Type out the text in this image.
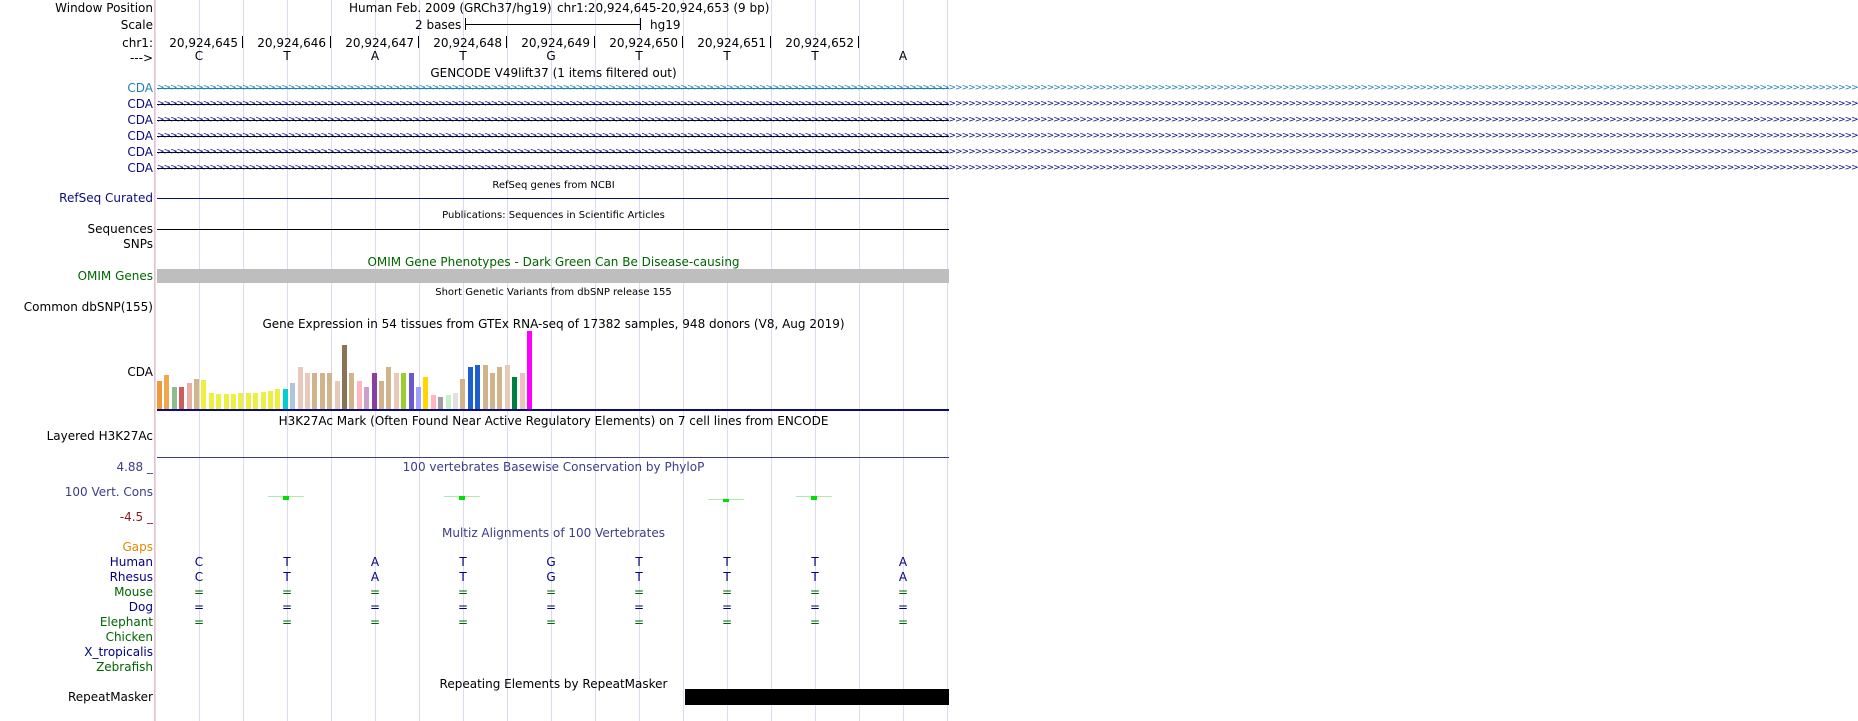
Window Position	Human Feb. 2009 (GRCh37/hg19) chr1:20,924,645-20,924,653 (9 bp)
Scale	2 bases	hg19
chr1:	20,924,645	20,924,646	20,924,647	20,924,648	20,924,649	20,924,650	20,924,651	20,924,652
--->	C	T	A	T	G	T	T	T	A
GENCODE V49lift37 (1 items filtered out)
CDA >>>>>>>>>>>>>>>>>>>>>>>>>>>>>>>>>>>>>>>>>>>>>>>>>>>>>>>>>>>>>>>>>>>>>>>>>>>>>>>>>>>>>>>>>>>>>>>>>>>>>>>>>>>>>>>>>>>>>>>>>>>>>>>>>>>>>>>>>>>>>>>>>>>>>>>>>>>>>>>>>>>>>>>>>>>>>>>>>>>>>>>>>>>>>>>>>>>>>>>>>>>>>>>>>>>>>>>>>>>>>>>>>>>>>>>>>>>>>>>>>>>>>>>>>>>>>>>>>>>>
CDA >>>>>>>>>>>>>>>>>>>>>>>>>>>>>>>>>>>>>>>>>>>>>>>>>>>>>>>>>>>>>>>>>>>>>>>>>>>>>>>>>>>>>>>>>>>>>>>>>>>>>>>>>>>>>>>>>>>>>>>>>>>>>>>>>>>>>>>>>>>>>>>>>>>>>>>>>>>>>>>>>>>>>>>>>>>>>>>>>>>>>>>>>>>>>>>>>>>>>>>>>>>>>>>>>>>>>>>>>>>>>>>>>>>>>>>>>>>>>>>>>>>>>>>>>>>>>>>>>>>>
CDA >>>>>>>>>>>>>>>>>>>>>>>>>>>>>>>>>>>>>>>>>>>>>>>>>>>>>>>>>>>>>>>>>>>>>>>>>>>>>>>>>>>>>>>>>>>>>>>>>>>>>>>>>>>>>>>>>>>>>>>>>>>>>>>>>>>>>>>>>>>>>>>>>>>>>>>>>>>>>>>>>>>>>>>>>>>>>>>>>>>>>>>>>>>>>>>>>>>>>>>>>>>>>>>>>>>>>>>>>>>>>>>>>>>>>>>>>>>>>>>>>>>>>>>>>>>>>>>>>>>>
CDA >>>>>>>>>>>>>>>>>>>>>>>>>>>>>>>>>>>>>>>>>>>>>>>>>>>>>>>>>>>>>>>>>>>>>>>>>>>>>>>>>>>>>>>>>>>>>>>>>>>>>>>>>>>>>>>>>>>>>>>>>>>>>>>>>>>>>>>>>>>>>>>>>>>>>>>>>>>>>>>>>>>>>>>>>>>>>>>>>>>>>>>>>>>>>>>>>>>>>>>>>>>>>>>>>>>>>>>>>>>>>>>>>>>>>>>>>>>>>>>>>>>>>>>>>>>>>>>>>>>>
CDA >>>>>>>>>>>>>>>>>>>>>>>>>>>>>>>>>>>>>>>>>>>>>>>>>>>>>>>>>>>>>>>>>>>>>>>>>>>>>>>>>>>>>>>>>>>>>>>>>>>>>>>>>>>>>>>>>>>>>>>>>>>>>>>>>>>>>>>>>>>>>>>>>>>>>>>>>>>>>>>>>>>>>>>>>>>>>>>>>>>>>>>>>>>>>>>>>>>>>>>>>>>>>>>>>>>>>>>>>>>>>>>>>>>>>>>>>>>>>>>>>>>>>>>>>>>>>>>>>>>>
CDA >>>>>>>>>>>>>>>>>>>>>>>>>>>>>>>>>>>>>>>>>>>>>>>>>>>>>>>>>>>>>>>>>>>>>>>>>>>>>>>>>>>>>>>>>>>>>>>>>>>>>>>>>>>>>>>>>>>>>>>>>>>>>>>>>>>>>>>>>>>>>>>>>>>>>>>>>>>>>>>>>>>>>>>>>>>>>>>>>>>>>>>>>>>>>>>>>>>>>>>>>>>>>>>>>>>>>>>>>>>>>>>>>>>>>>>>>>>>>>>>>>>>>>>>>>>>>>>>>>>>
RefSeq genes from NCBI
RefSeq Curated
Publications: Sequences in Scientific Articles
Sequences
SNPs
OMIM Gene Phenotypes - Dark Green Can Be Disease-causing
OMIM Genes
Short Genetic Variants from dbSNP release 155
Common dbSNP(155)
Gene Expression in 54 tissues from GTEx RNA-seq of 17382 samples, 948 donors (V8, Aug 2019)
CDA
H3K27Ac Mark (Often Found Near Active Regulatory Elements) on 7 cell lines from ENCODE
Layered H3K27Ac
4.88 _	100 vertebrates Basewise Conservation by PhyloP
100 Vert. Cons
-4.5 _
Multiz Alignments of 100 Vertebrates
Gaps
Human	C	T	A	T	G	T	T	T	A
Rhesus	C	T	A	T	G	T	T	T	A
Mouse	=	=	=	=	=	=	=	=	=
Dog	=	=	=	=	=	=	=	=	=
Elephant	=	=	=	=	=	=	=	=	=
Chicken
X_tropicalis
Zebrafish
Repeating Elements by RepeatMasker
RepeatMasker
